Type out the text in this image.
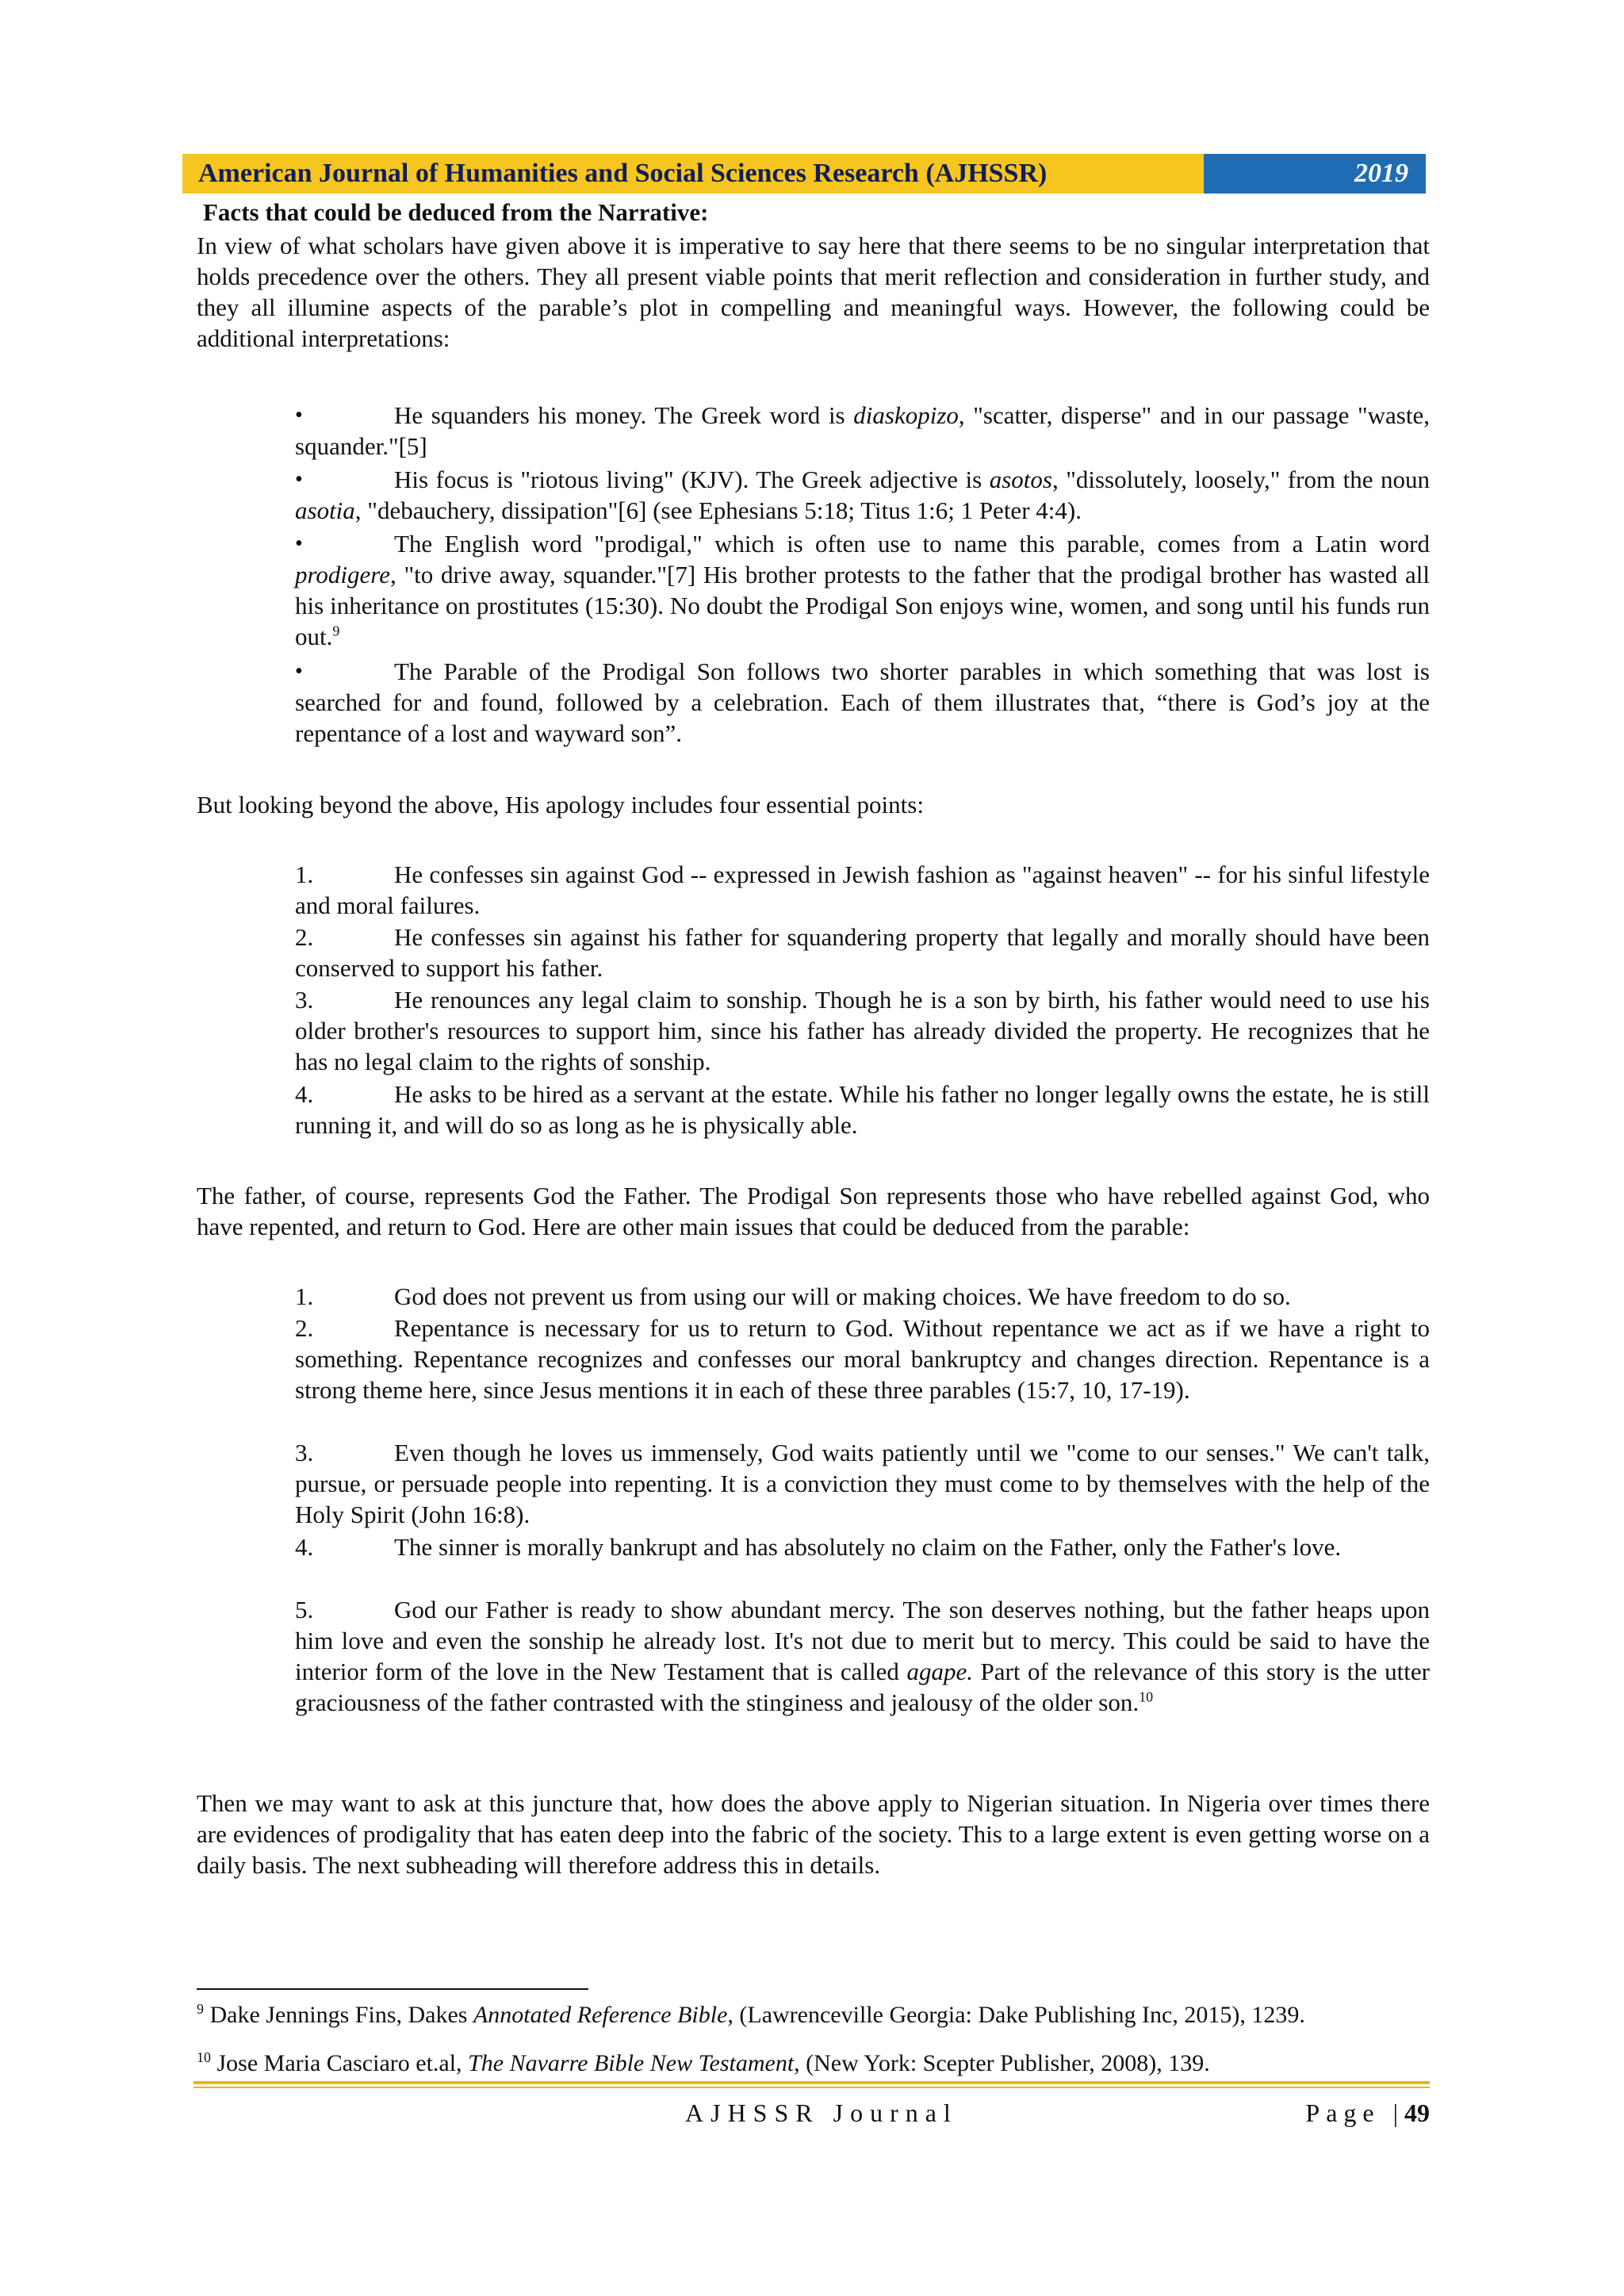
American Journal of Humanities and Social Sciences Research (AJHSSR)	2019
Facts that could be deduced from the Narrative:
In view of what scholars have given above it is imperative to say here that there seems to be no singular interpretation that holds precedence over the others. They all present viable points that merit reflection and consideration in further study, and they all illumine aspects of the parable’s plot in compelling and meaningful ways. However, the following could be additional interpretations:
•	He squanders his money. The Greek word is diaskopizo, "scatter, disperse" and in our passage "waste, squander."[5]
•	His focus is "riotous living" (KJV). The Greek adjective is asotos, "dissolutely, loosely," from the noun asotia, "debauchery, dissipation"[6] (see Ephesians 5:18; Titus 1:6; 1 Peter 4:4).
•	The English word "prodigal," which is often use to name this parable, comes from a Latin word prodigere, "to drive away, squander."[7] His brother protests to the father that the prodigal brother has wasted all his inheritance on prostitutes (15:30). No doubt the Prodigal Son enjoys wine, women, and song until his funds run out.$^9$
•	The Parable of the Prodigal Son follows two shorter parables in which something that was lost is searched for and found, followed by a celebration. Each of them illustrates that, “there is God’s joy at the repentance of a lost and wayward son”.
But looking beyond the above, His apology includes four essential points:
1.	He confesses sin against God -- expressed in Jewish fashion as "against heaven" -- for his sinful lifestyle and moral failures.
2.	He confesses sin against his father for squandering property that legally and morally should have been conserved to support his father.
3.	He renounces any legal claim to sonship. Though he is a son by birth, his father would need to use his older brother's resources to support him, since his father has already divided the property. He recognizes that he has no legal claim to the rights of sonship.
4.	He asks to be hired as a servant at the estate. While his father no longer legally owns the estate, he is still running it, and will do so as long as he is physically able.
The father, of course, represents God the Father. The Prodigal Son represents those who have rebelled against God, who have repented, and return to God. Here are other main issues that could be deduced from the parable:
1.	God does not prevent us from using our will or making choices. We have freedom to do so.
2.	Repentance is necessary for us to return to God. Without repentance we act as if we have a right to something. Repentance recognizes and confesses our moral bankruptcy and changes direction. Repentance is a strong theme here, since Jesus mentions it in each of these three parables (15:7, 10, 17-19).
3.	Even though he loves us immensely, God waits patiently until we "come to our senses." We can't talk, pursue, or persuade people into repenting. It is a conviction they must come to by themselves with the help of the Holy Spirit (John 16:8).
4.	The sinner is morally bankrupt and has absolutely no claim on the Father, only the Father's love.
5.	God our Father is ready to show abundant mercy. The son deserves nothing, but the father heaps upon him love and even the sonship he already lost. It's not due to merit but to mercy. This could be said to have the interior form of the love in the New Testament that is called agape. Part of the relevance of this story is the utter graciousness of the father contrasted with the stinginess and jealousy of the older son.$^{10}$
Then we may want to ask at this juncture that, how does the above apply to Nigerian situation. In Nigeria over times there are evidences of prodigality that has eaten deep into the fabric of the society. This to a large extent is even getting worse on a daily basis. The next subheading will therefore address this in details.
$^9$ Dake Jennings Fins, Dakes Annotated Reference Bible, (Lawrenceville Georgia: Dake Publishing Inc, 2015), 1239.
$^{10}$ Jose Maria Casciaro et.al, The Navarre Bible New Testament, (New York: Scepter Publisher, 2008), 139.
AJHSSR Journal	Page |49
